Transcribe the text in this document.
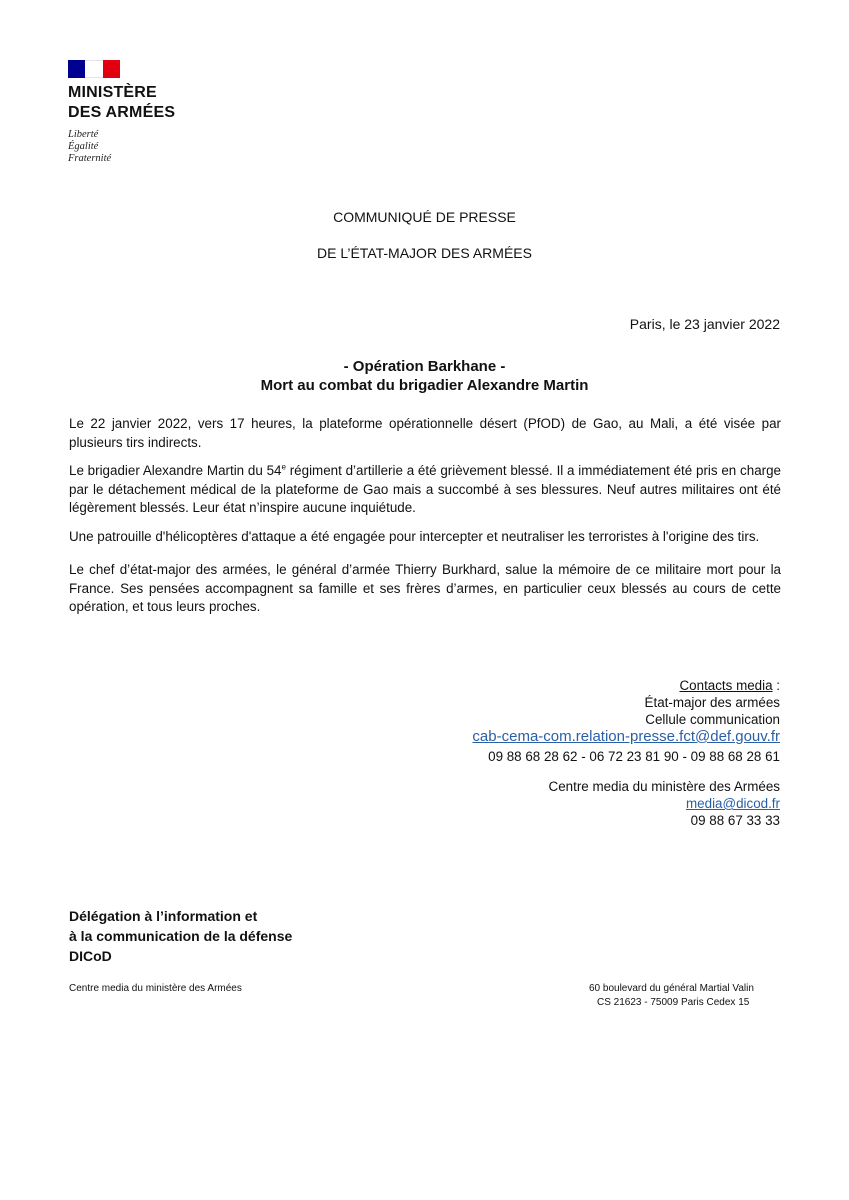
MINISTÈRE
DES ARMÉES
Liberté
Égalité
Fraternité
COMMUNIQUÉ DE PRESSE
DE L’ÉTAT-MAJOR DES ARMÉES
Paris, le 23 janvier 2022
- Opération Barkhane -
Mort au combat du brigadier Alexandre Martin
Le 22 janvier 2022, vers 17 heures, la plateforme opérationnelle désert (PfOD) de Gao, au Mali, a été visée par plusieurs tirs indirects.
Le brigadier Alexandre Martin du 54e régiment d’artillerie a été grièvement blessé. Il a immédiatement été pris en charge par le détachement médical de la plateforme de Gao mais a succombé à ses blessures. Neuf autres militaires ont été légèrement blessés. Leur état n’inspire aucune inquiétude.
Une patrouille d'hélicoptères d'attaque a été engagée pour intercepter et neutraliser les terroristes à l'origine des tirs.
Le chef d’état-major des armées, le général d’armée Thierry Burkhard, salue la mémoire de ce militaire mort pour la France. Ses pensées accompagnent sa famille et ses frères d’armes, en particulier ceux blessés au cours de cette opération, et tous leurs proches.
Contacts media :
État-major des armées
Cellule communication
cab-cema-com.relation-presse.fct@def.gouv.fr
09 88 68 28 62 - 06 72 23 81 90 - 09 88 68 28 61
Centre media du ministère des Armées
media@dicod.fr
09 88 67 33 33
Délégation à l’information et
à la communication de la défense
DICoD
Centre media du ministère des Armées	60 boulevard du général Martial Valin
CS 21623 - 75009 Paris Cedex 15
